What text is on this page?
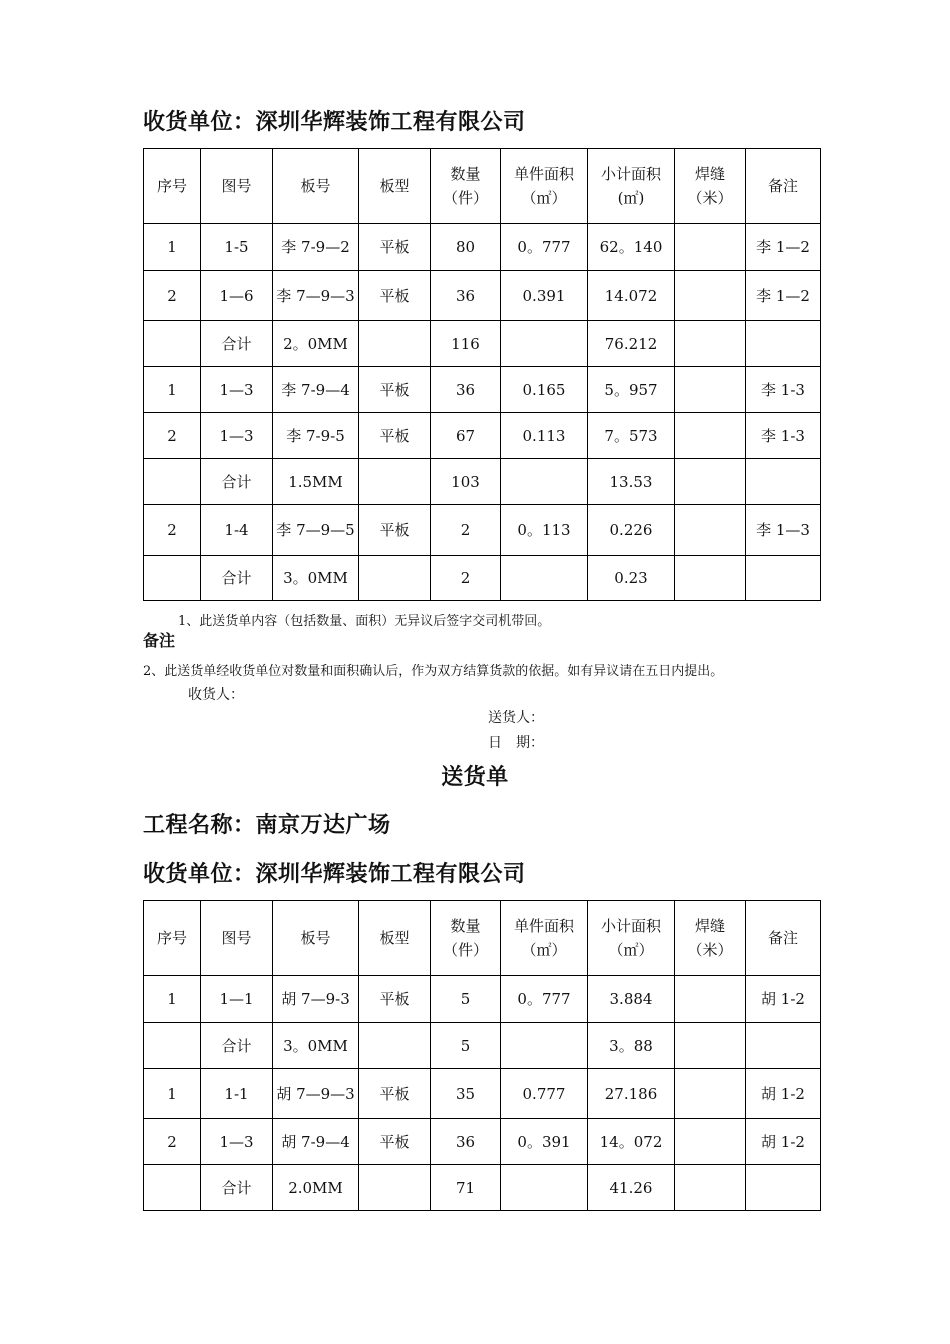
收货单位：深圳华辉装饰工程有限公司
序号	图号	板号	板型	数量（件）	单件面积（㎡）	小计面积(㎡)	焊缝（米）	备注
1	1-5	李 7-9—2	平板	80	0。777	62。140		李 1—2
2	1—6	李 7—9—3	平板	36	0.391	14.072		李 1—2
	合计	2。0MM		116		76.212		
1	1—3	李 7-9—4	平板	36	0.165	5。957		李 1-3
2	1—3	李 7-9-5	平板	67	0.113	7。573		李 1-3
	合计	1.5MM		103		13.53		
2	1-4	李 7—9—5	平板	2	0。113	0.226		李 1—3
	合计	3。0MM		2		0.23		
1、此送货单内容（包括数量、面积）无异议后签字交司机带回。
备注
2、此送货单经收货单位对数量和面积确认后，作为双方结算货款的依据。如有异议请在五日内提出。
收货人：
送货人：
日　期：
送货单
工程名称：南京万达广场
收货单位：深圳华辉装饰工程有限公司
序号	图号	板号	板型	数量（件）	单件面积（㎡）	小计面积（㎡）	焊缝（米）	备注
1	1—1	胡 7—9-3	平板	5	0。777	3.884		胡 1-2
	合计	3。0MM		5		3。88		
1	1-1	胡 7—9—3	平板	35	0.777	27.186		胡 1-2
2	1—3	胡 7-9—4	平板	36	0。391	14。072		胡 1-2
	合计	2.0MM		71		41.26		
